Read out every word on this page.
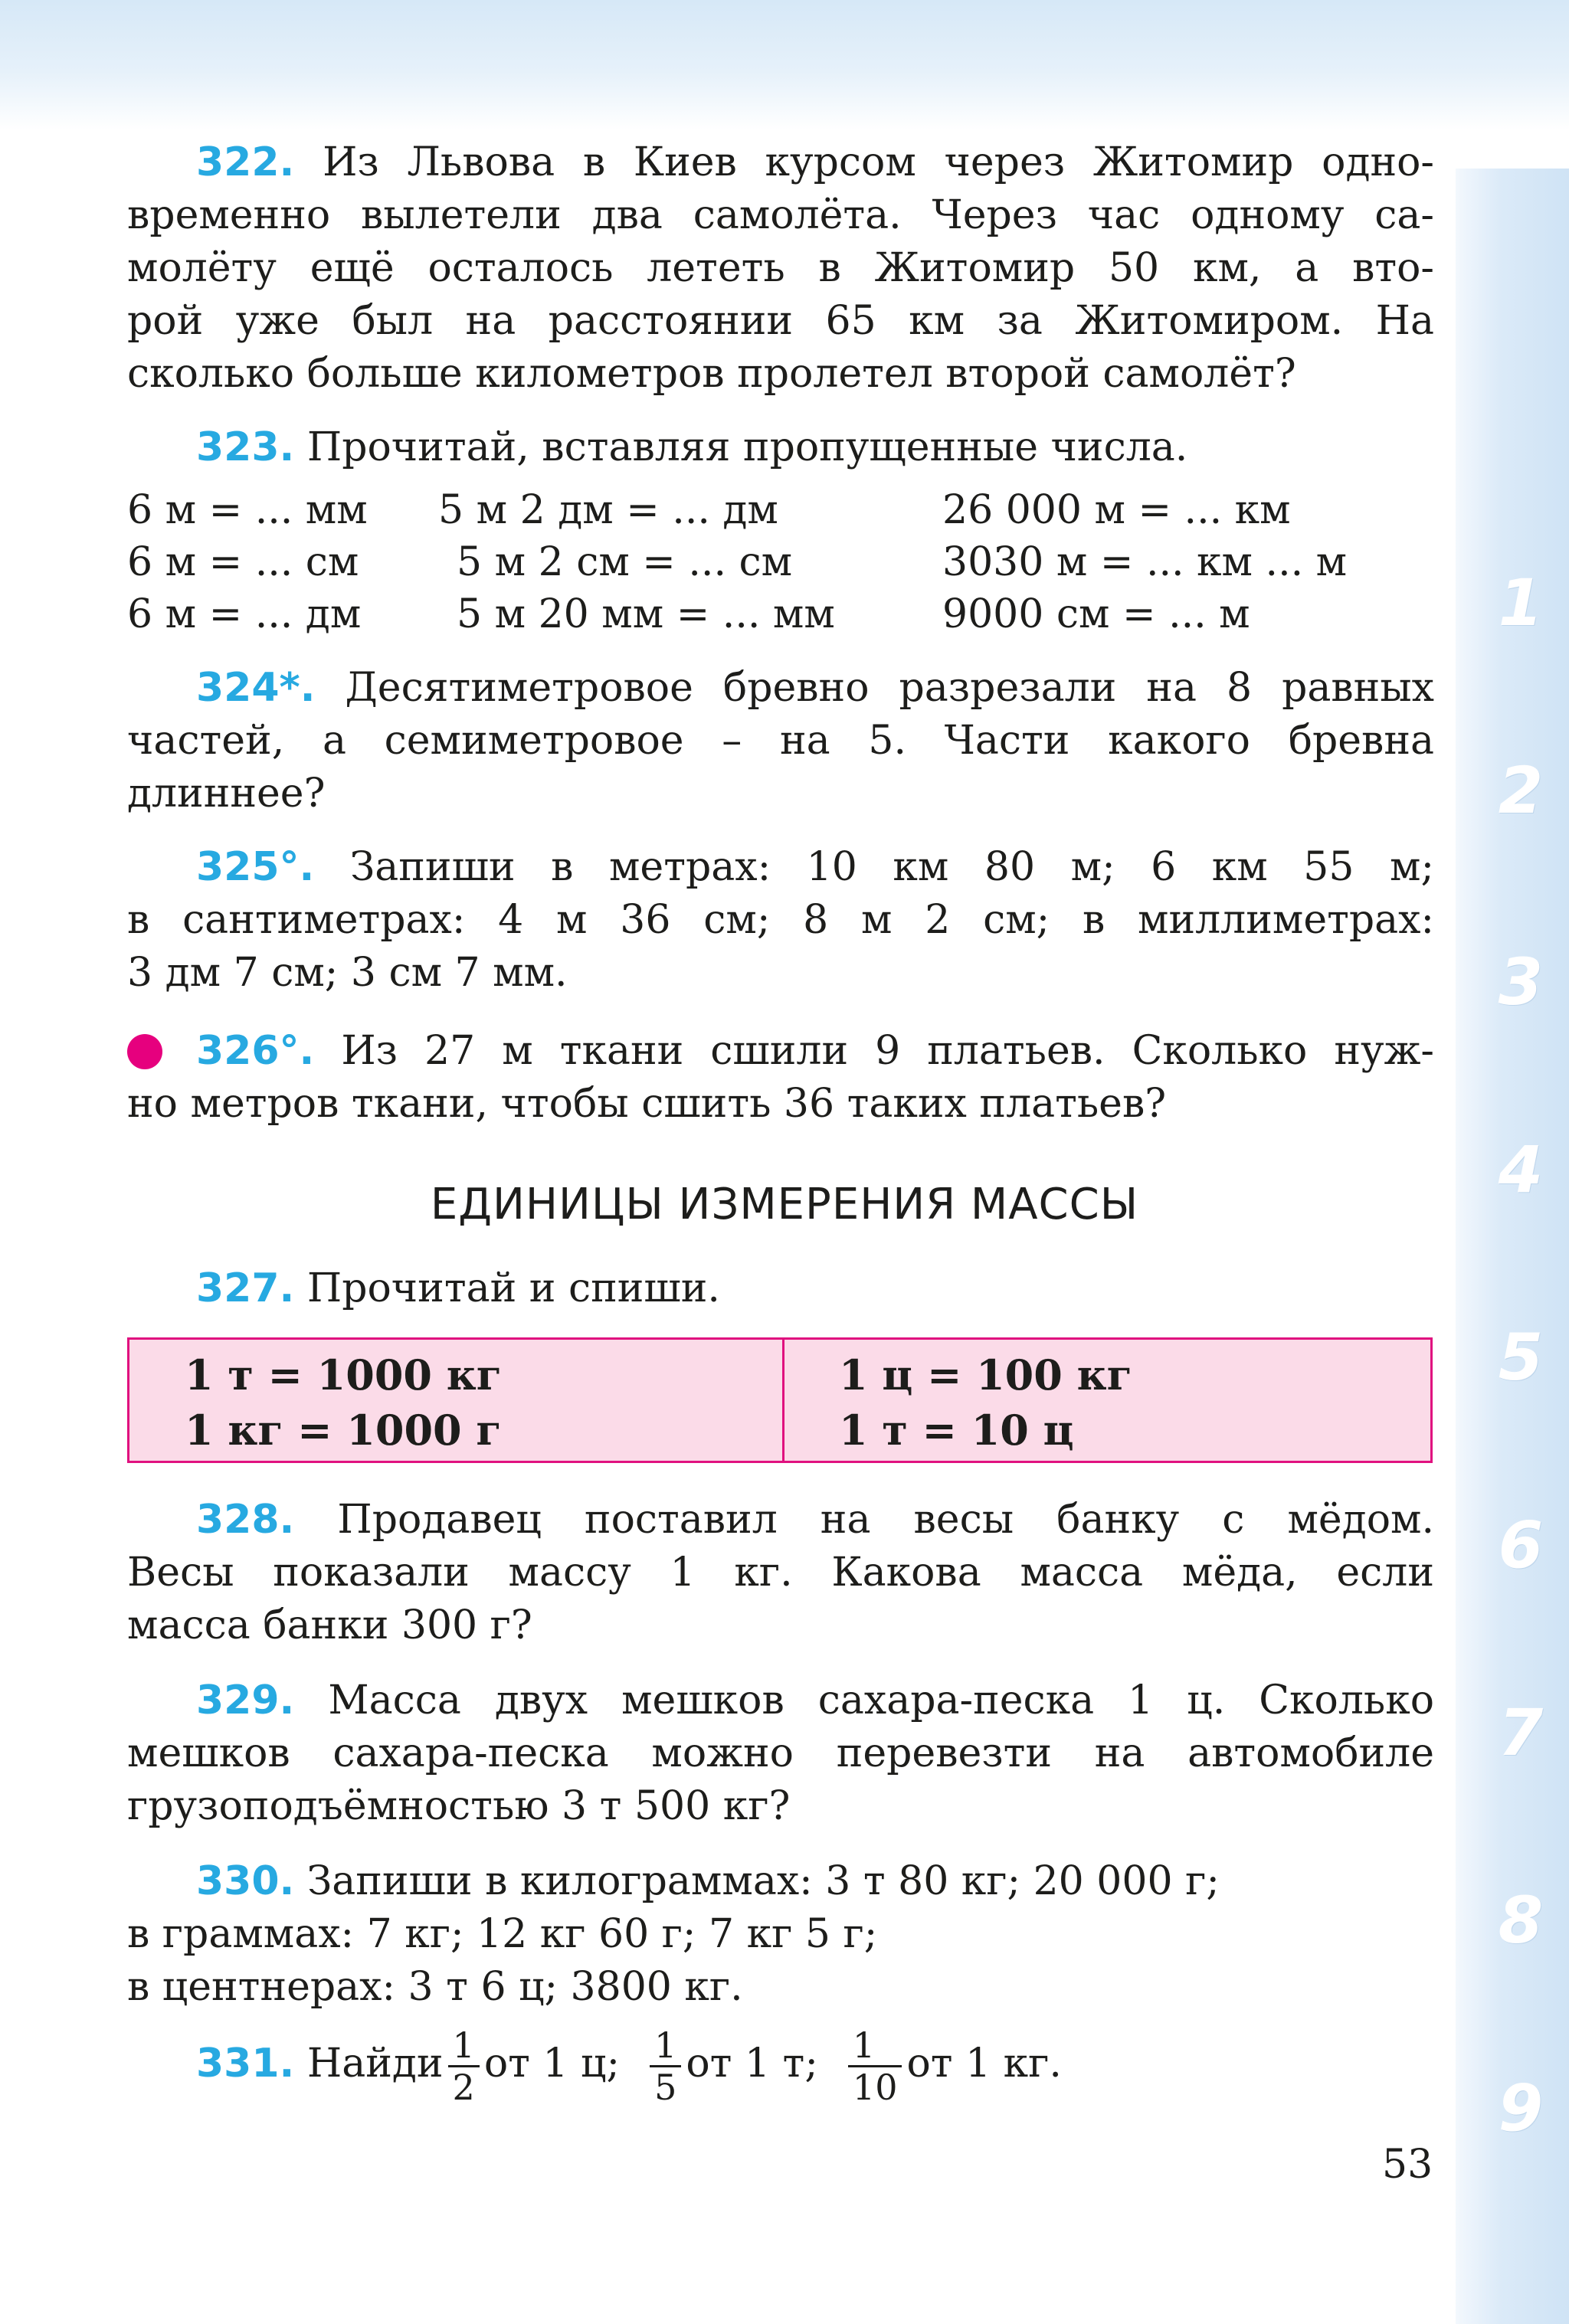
1
2
3
4
5
6
7
8
9
322. Из Львова в Киев курсом через Житомир одно-
временно вылетели два самолёта. Через час одному са-
молёту ещё осталось лететь в Житомир 50 км, а вто-
рой уже был на расстоянии 65 км за Житомиром. На
сколько больше километров пролетел второй самолёт?
323. Прочитай, вставляя пропущенные числа.
6 м = ... мм 5 м 2 дм = ... дм	26 000 м = ... км
6 м = ... см 5 м 2 см = ... см	3030 м = ... км ... м
6 м = ... дм 5 м 20 мм = ... мм	9000 см = ... м
324*. Десятиметровое бревно разрезали на 8 равных
частей, а семиметровое – на 5. Части какого бревна
длиннее?
325°. Запиши в метрах: 10 км 80 м; 6 км 55 м;
в сантиметрах: 4 м 36 см; 8 м 2 см; в миллиметрах:
3 дм 7 см; 3 см 7 мм.
326°. Из 27 м ткани сшили 9 платьев. Сколько нуж-
но метров ткани, чтобы сшить 36 таких платьев?
ЕДИНИЦЫ ИЗМЕРЕНИЯ МАССЫ
327. Прочитай и спиши.
1 т = 1000 кг
1 кг = 1000 г
1 ц = 100 кг
1 т = 10 ц
328. Продавец поставил на весы банку с мёдом.
Весы показали массу 1 кг. Какова масса мёда, если
масса банки 300 г?
329. Масса двух мешков сахара-песка 1 ц. Сколько
мешков сахара-песка можно перевезти на автомобиле
грузоподъёмностью 3 т 500 кг?
330. Запиши в килограммах: 3 т 80 кг; 20 000 г;
в граммах: 7 кг; 12 кг 60 г; 7 кг 5 г;
в центнерах: 3 т 6 ц; 3800 кг.
331. Найди $\frac{1}{2}$ от 1 ц; $\frac{1}{5}$ от 1 т; $\frac{1}{10}$ от 1 кг.
53
